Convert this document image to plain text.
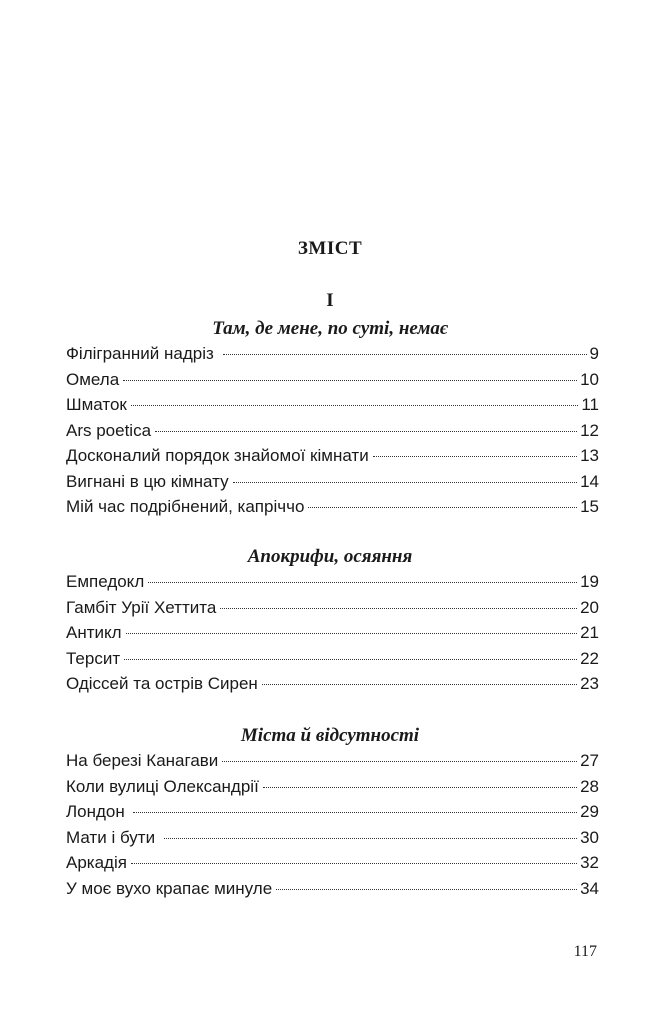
ЗМІСТ
І
Там, де мене, по суті, немає
Філігранний надріз	9
Омела	10
Шматок	11
Ars poetica	12
Досконалий порядок знайомої кімнати	13
Вигнані в цю кімнату	14
Мій час подрібнений, капріччо	15
Апокрифи, осяяння
Емпедокл	19
Гамбіт Урії Хеттита	20
Антикл	21
Терсит	22
Одіссей та острів Сирен	23
Міста й відсутності
На березі Канагави	27
Коли вулиці Олександрії	28
Лондон	29
Мати і бути	30
Аркадія	32
У моє вухо крапає минуле	34
117
